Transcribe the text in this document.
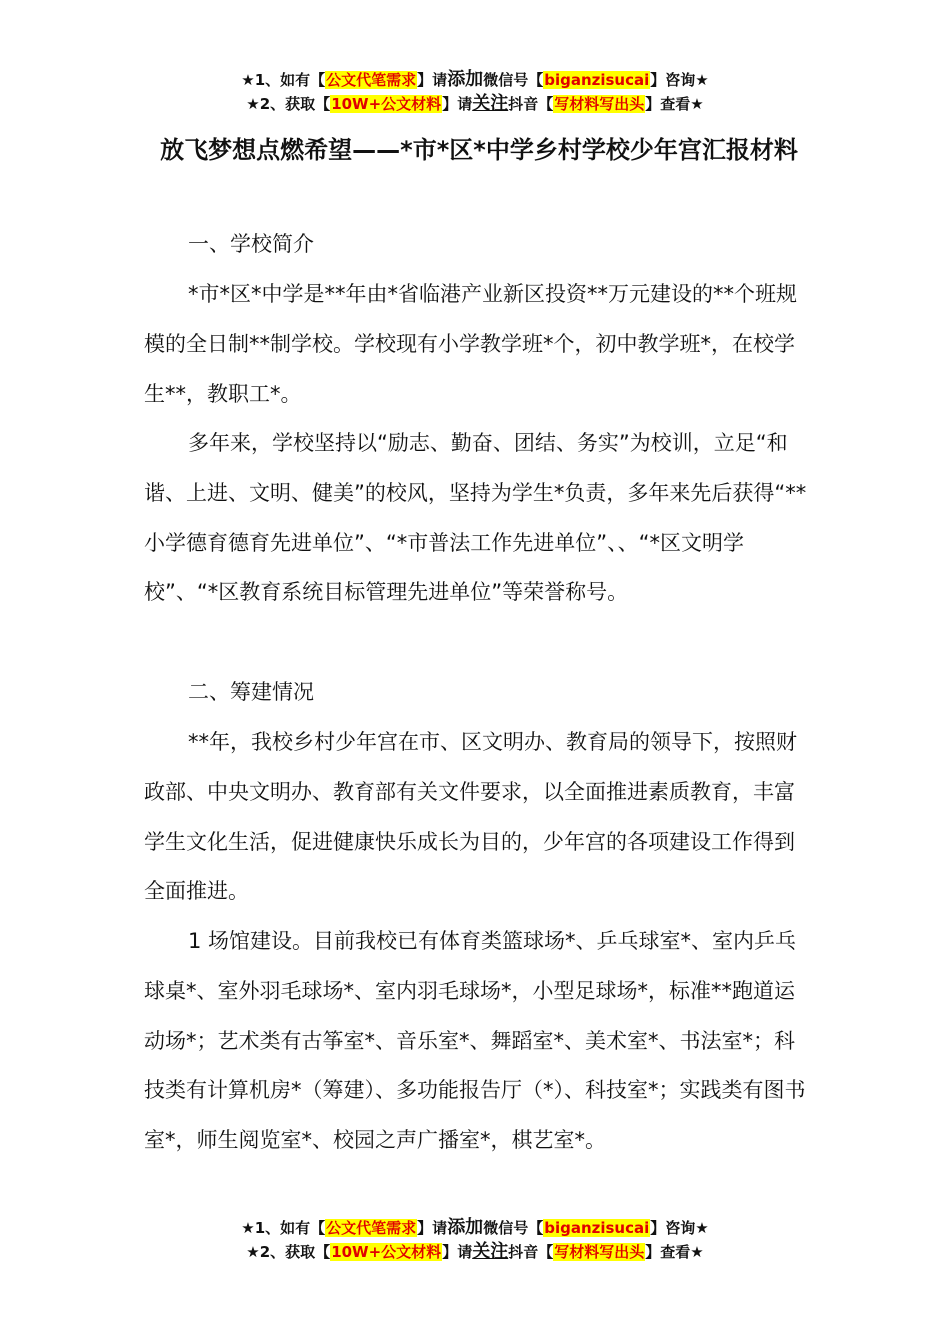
★1、如有【公文代笔需求】请添加微信号【biganzisucai】咨询★
★2、获取【10W+公文材料】请关注抖音【写材料写出头】查看★
放飞梦想点燃希望——*市*区*中学乡村学校少年宫汇报材料
一、学校简介
*市*区*中学是**年由*省临港产业新区投资**万元建设的**个班规模的全日制**制学校。学校现有小学教学班*个，初中教学班*，在校学生**，教职工*。
多年来，学校坚持以“励志、勤奋、团结、务实”为校训，立足“和谐、上进、文明、健美”的校风，坚持为学生*负责，多年来先后获得“**小学德育德育先进单位”、“*市普法工作先进单位”、、“*区文明学校”、“*区教育系统目标管理先进单位”等荣誉称号。
二、筹建情况
**年，我校乡村少年宫在市、区文明办、教育局的领导下，按照财政部、中央文明办、教育部有关文件要求，以全面推进素质教育，丰富学生文化生活，促进健康快乐成长为目的，少年宫的各项建设工作得到全面推进。
1 场馆建设。目前我校已有体育类篮球场*、乒乓球室*、室内乒乓球桌*、室外羽毛球场*、室内羽毛球场*，小型足球场*，标准**跑道运动场*；艺术类有古筝室*、音乐室*、舞蹈室*、美术室*、书法室*；科技类有计算机房*（筹建）、多功能报告厅（*）、科技室*；实践类有图书室*，师生阅览室*、校园之声广播室*，棋艺室*。
★1、如有【公文代笔需求】请添加微信号【biganzisucai】咨询★
★2、获取【10W+公文材料】请关注抖音【写材料写出头】查看★
